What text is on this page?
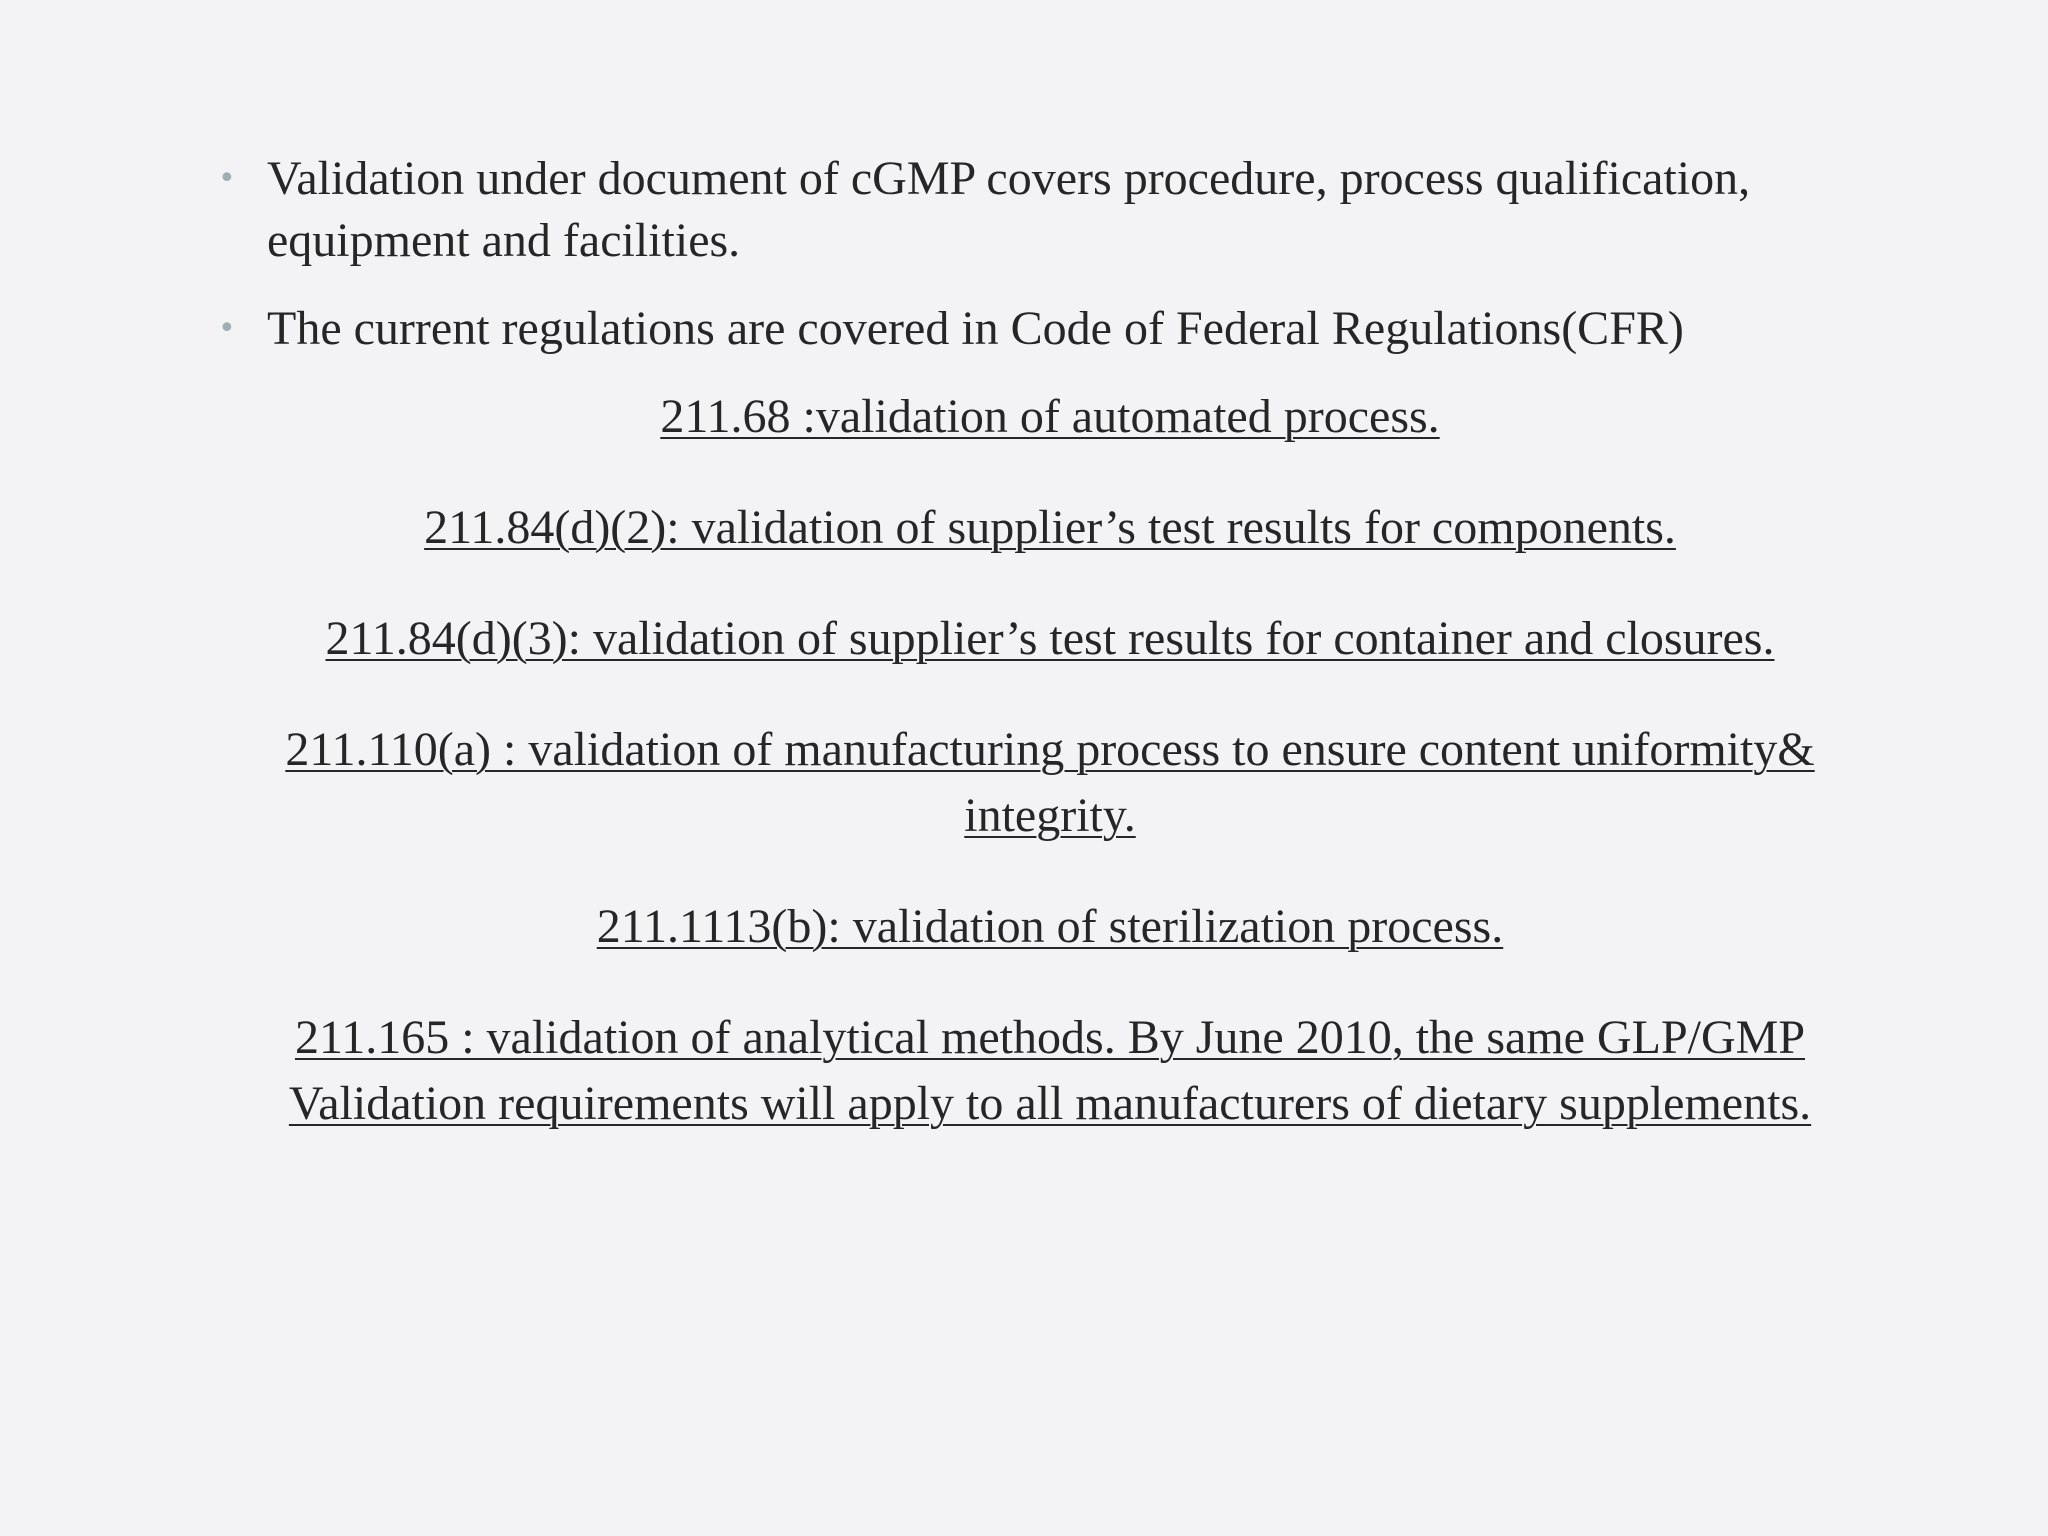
• Validation under document of cGMP covers procedure, process qualification, equipment and facilities.
• The current regulations are covered in Code of Federal Regulations(CFR)

211.68 :validation of automated process.

211.84(d)(2): validation of supplier’s test results for components.

211.84(d)(3): validation of supplier’s test results for container and closures.

211.110(a) : validation of manufacturing process to ensure content uniformity& integrity.

211.1113(b): validation of sterilization process.

211.165 : validation of analytical methods. By June 2010, the same GLP/GMP Validation requirements will apply to all manufacturers of dietary supplements.
